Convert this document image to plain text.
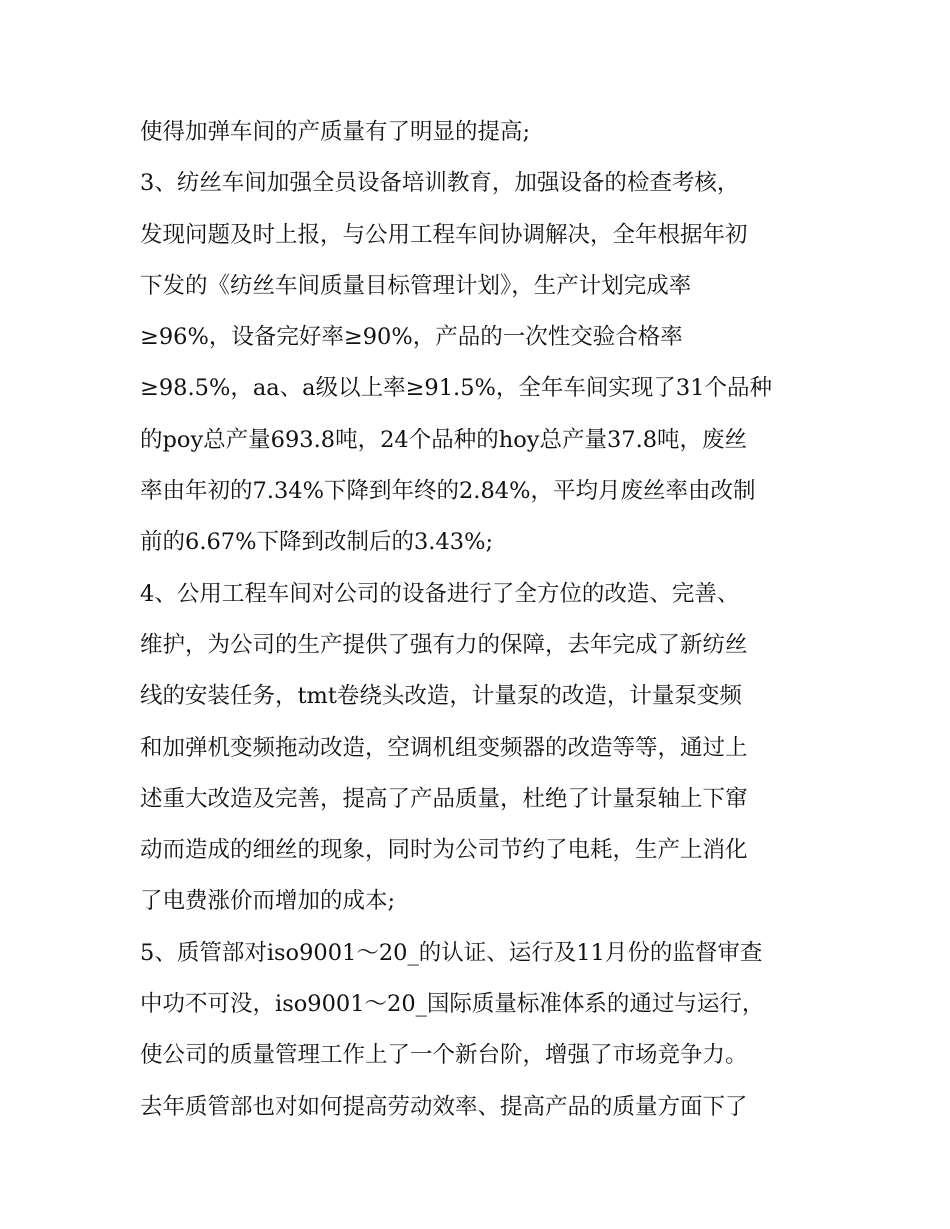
使得加弹车间的产质量有了明显的提高;
3、纺丝车间加强全员设备培训教育，加强设备的检查考核，
发现问题及时上报，与公用工程车间协调解决，全年根据年初
下发的《纺丝车间质量目标管理计划》，生产计划完成率
≥96%，设备完好率≥90%，产品的一次性交验合格率
≥98.5%，aa、a级以上率≥91.5%，全年车间实现了31个品种
的poy总产量693.8吨，24个品种的hoy总产量37.8吨，废丝
率由年初的7.34%下降到年终的2.84%，平均月废丝率由改制
前的6.67%下降到改制后的3.43%;
4、公用工程车间对公司的设备进行了全方位的改造、完善、
维护，为公司的生产提供了强有力的保障，去年完成了新纺丝
线的安装任务，tmt卷绕头改造，计量泵的改造，计量泵变频
和加弹机变频拖动改造，空调机组变频器的改造等等，通过上
述重大改造及完善，提高了产品质量，杜绝了计量泵轴上下窜
动而造成的细丝的现象，同时为公司节约了电耗，生产上消化
了电费涨价而增加的成本;
5、质管部对iso9001～20_的认证、运行及11月份的监督审查
中功不可没，iso9001～20_国际质量标准体系的通过与运行，
使公司的质量管理工作上了一个新台阶，增强了市场竞争力。
去年质管部也对如何提高劳动效率、提高产品的质量方面下了
